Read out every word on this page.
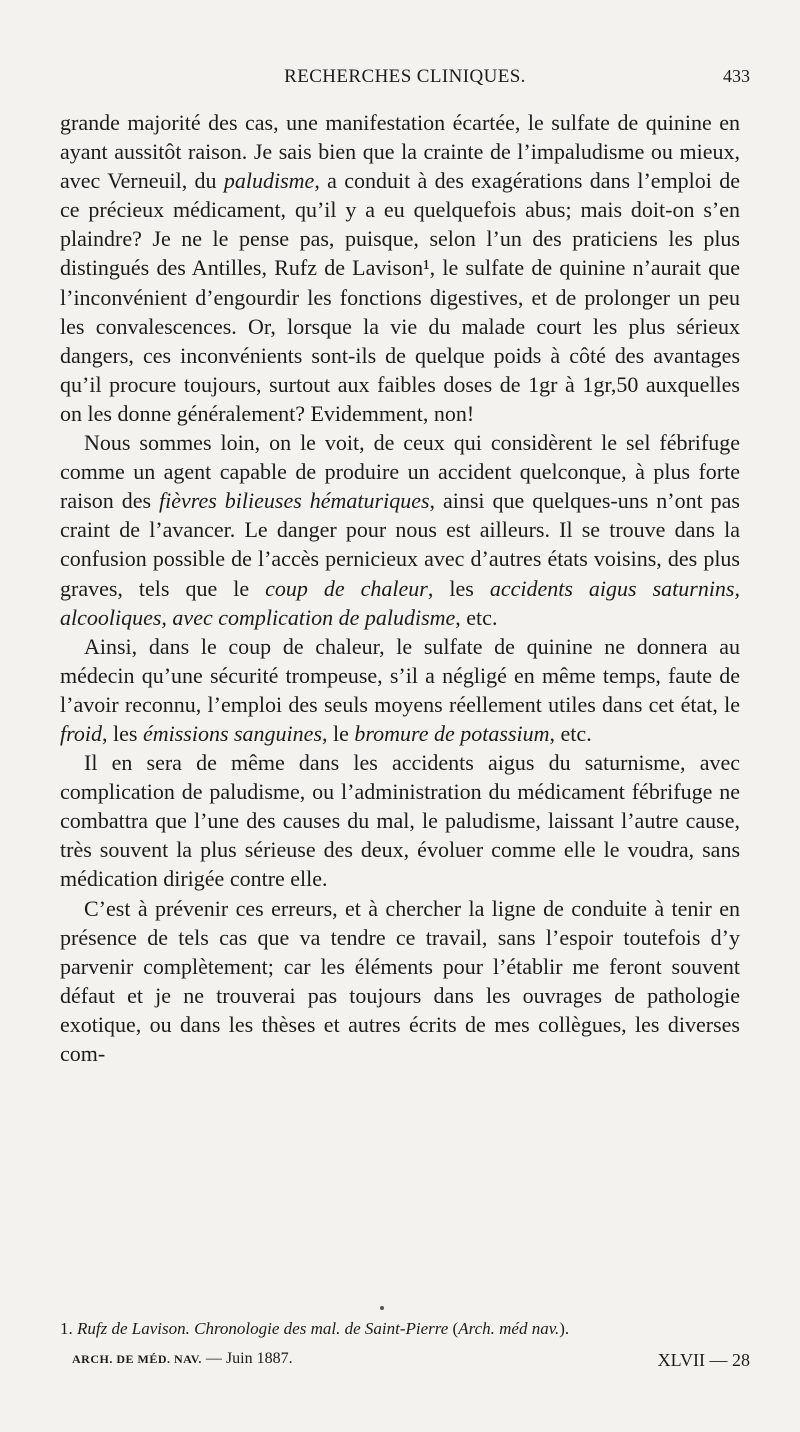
RECHERCHES CLINIQUES.	433

grande majorité des cas, une manifestation écartée, le sulfate de quinine en ayant aussitôt raison. Je sais bien que la crainte de l’impaludisme ou mieux, avec Verneuil, du paludisme, a conduit à des exagérations dans l’emploi de ce précieux médicament, qu’il y a eu quelquefois abus; mais doit-on s’en plaindre? Je ne le pense pas, puisque, selon l’un des praticiens les plus distingués des Antilles, Rufz de Lavison¹, le sulfate de quinine n’aurait que l’inconvénient d’engourdir les fonctions digestives, et de prolonger un peu les convalescences. Or, lorsque la vie du malade court les plus sérieux dangers, ces inconvénients sont-ils de quelque poids à côté des avantages qu’il procure toujours, surtout aux faibles doses de 1gr à 1gr,50 auxquelles on les donne généralement? Evidemment, non!

Nous sommes loin, on le voit, de ceux qui considèrent le sel fébrifuge comme un agent capable de produire un accident quelconque, à plus forte raison des fièvres bilieuses hématuriques, ainsi que quelques-uns n’ont pas craint de l’avancer. Le danger pour nous est ailleurs. Il se trouve dans la confusion possible de l’accès pernicieux avec d’autres états voisins, des plus graves, tels que le coup de chaleur, les accidents aigus saturnins, alcooliques, avec complication de paludisme, etc.

Ainsi, dans le coup de chaleur, le sulfate de quinine ne donnera au médecin qu’une sécurité trompeuse, s’il a négligé en même temps, faute de l’avoir reconnu, l’emploi des seuls moyens réellement utiles dans cet état, le froid, les émissions sanguines, le bromure de potassium, etc.

Il en sera de même dans les accidents aigus du saturnisme, avec complication de paludisme, ou l’administration du médicament fébrifuge ne combattra que l’une des causes du mal, le paludisme, laissant l’autre cause, très souvent la plus sérieuse des deux, évoluer comme elle le voudra, sans médication dirigée contre elle.

C’est à prévenir ces erreurs, et à chercher la ligne de conduite à tenir en présence de tels cas que va tendre ce travail, sans l’espoir toutefois d’y parvenir complètement; car les éléments pour l’établir me feront souvent défaut et je ne trouverai pas toujours dans les ouvrages de pathologie exotique, ou dans les thèses et autres écrits de mes collègues, les diverses com-

1. Rufz de Lavison. Chronologie des mal. de Saint-Pierre (Arch. méd nav.).
ARCH. DE MÉD. NAV. — Juin 1887.	XLVII — 28
